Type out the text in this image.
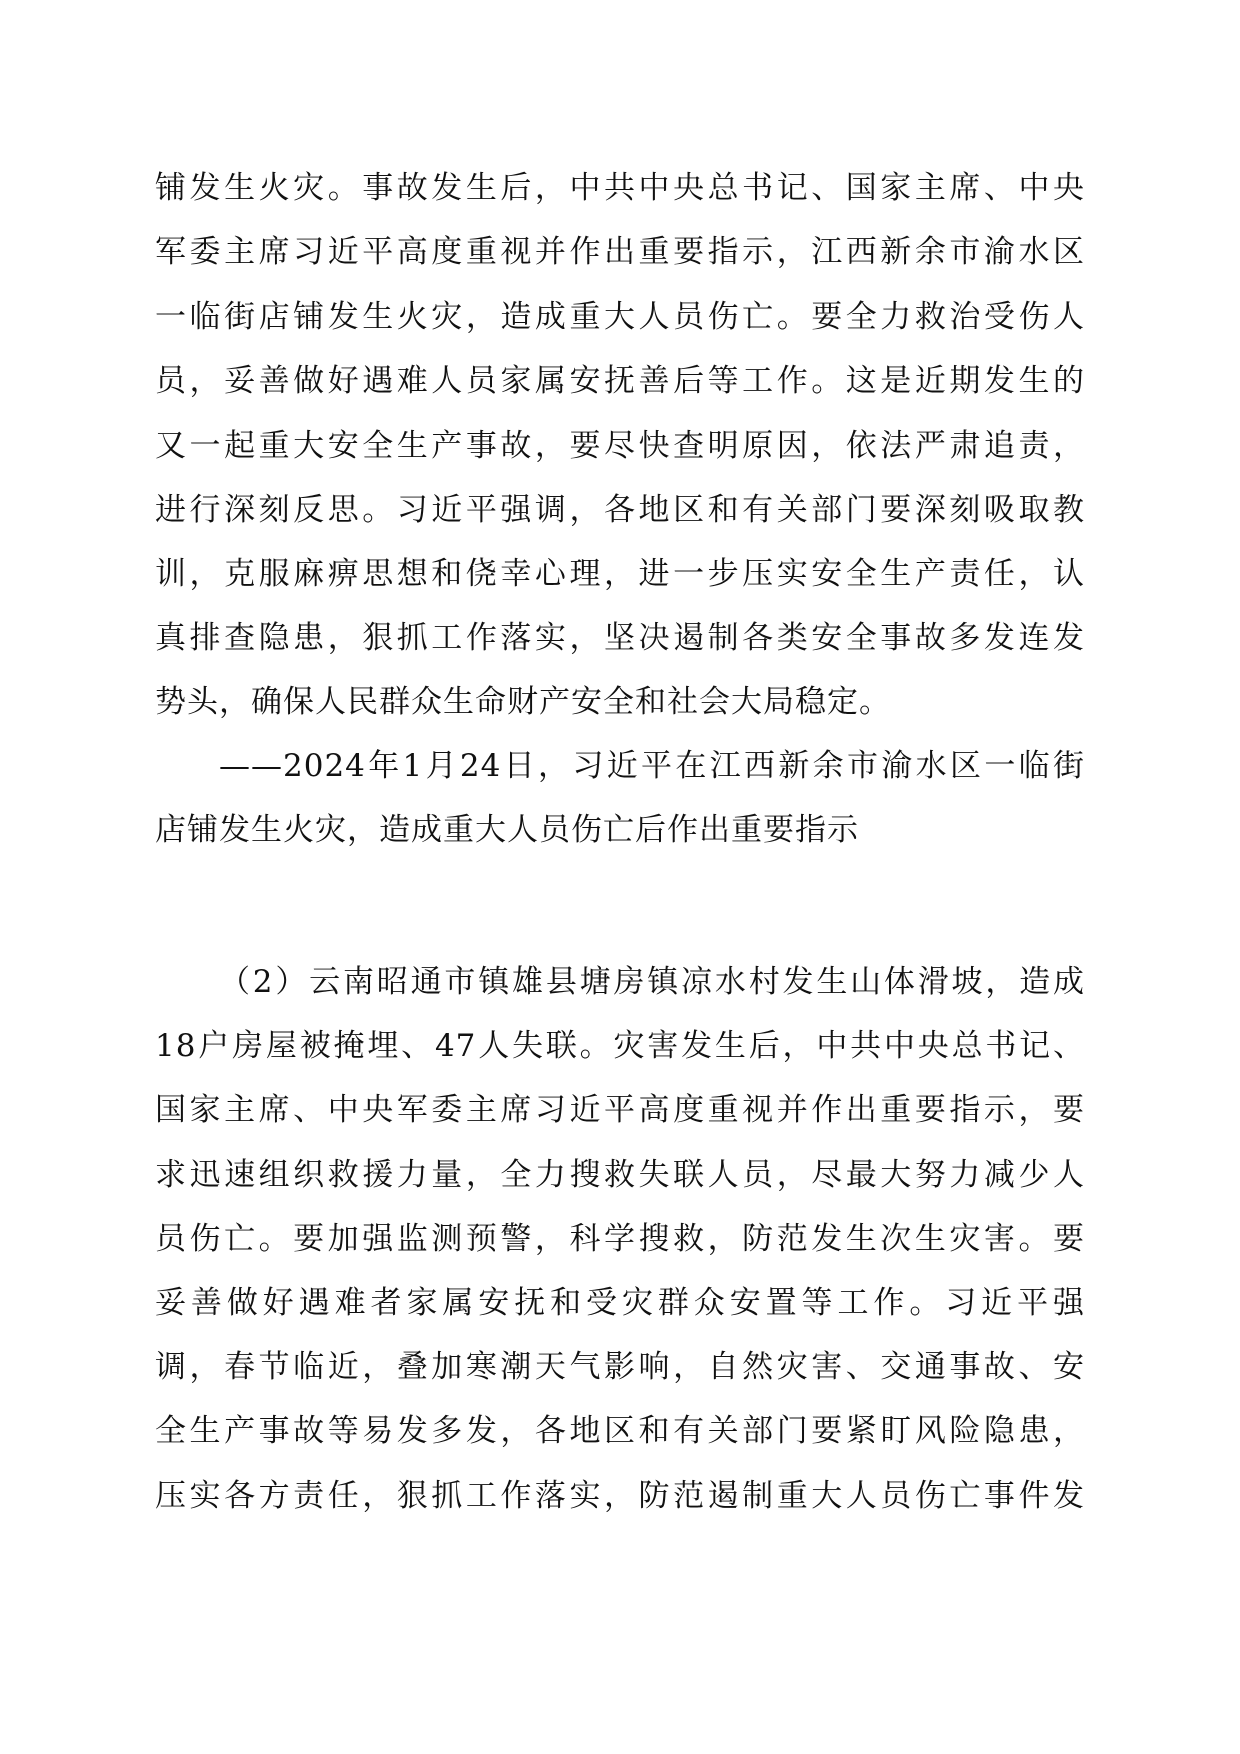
铺发生火灾。事故发生后，中共中央总书记、国家主席、中央
军委主席习近平高度重视并作出重要指示，江西新余市渝水区
一临街店铺发生火灾，造成重大人员伤亡。要全力救治受伤人
员，妥善做好遇难人员家属安抚善后等工作。这是近期发生的
又一起重大安全生产事故，要尽快查明原因，依法严肃追责，
进行深刻反思。习近平强调，各地区和有关部门要深刻吸取教
训，克服麻痹思想和侥幸心理，进一步压实安全生产责任，认
真排查隐患，狠抓工作落实，坚决遏制各类安全事故多发连发
势头，确保人民群众生命财产安全和社会大局稳定。
——2024年1月24日，习近平在江西新余市渝水区一临街
店铺发生火灾，造成重大人员伤亡后作出重要指示
（2）云南昭通市镇雄县塘房镇凉水村发生山体滑坡，造成
18户房屋被掩埋、47人失联。灾害发生后，中共中央总书记、
国家主席、中央军委主席习近平高度重视并作出重要指示，要
求迅速组织救援力量，全力搜救失联人员，尽最大努力减少人
员伤亡。要加强监测预警，科学搜救，防范发生次生灾害。要
妥善做好遇难者家属安抚和受灾群众安置等工作。习近平强
调，春节临近，叠加寒潮天气影响，自然灾害、交通事故、安
全生产事故等易发多发，各地区和有关部门要紧盯风险隐患，
压实各方责任，狠抓工作落实，防范遏制重大人员伤亡事件发
